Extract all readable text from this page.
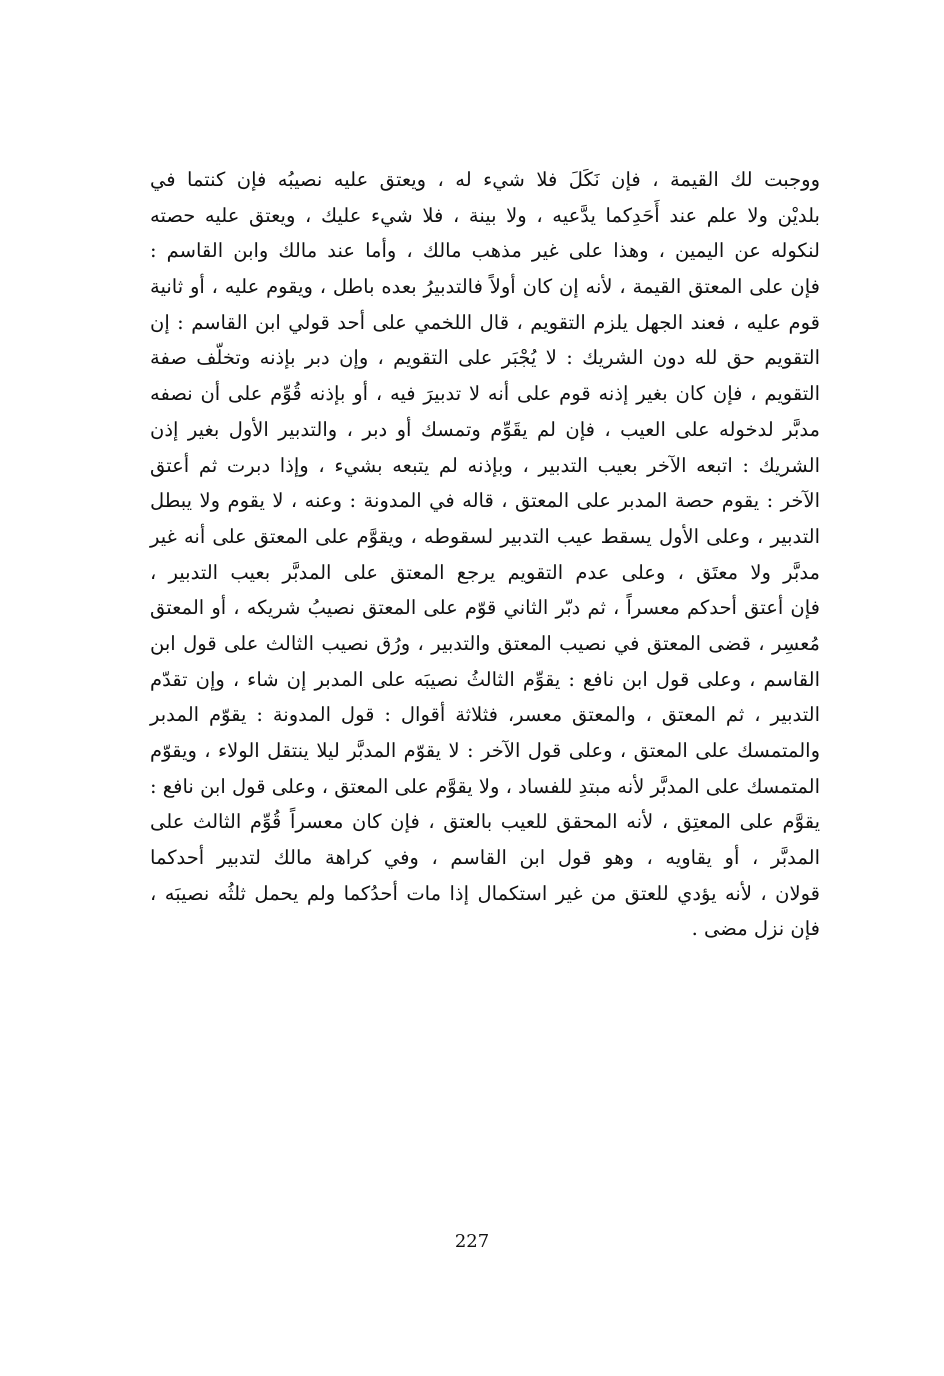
ووجبت لك القيمة ، فإن نَكَلَ فلا شيء له ، ويعتق عليه نصيبُه فإن كنتما في
بلديْن ولا علم عند أَحَدِكما يدَّعيه ، ولا بينة ، فلا شيء عليك ، ويعتق عليه حصته
لنكوله عن اليمين ، وهذا على غير مذهب مالك ، وأما عند مالك وابن القاسم :
فإن على المعتق القيمة ، لأنه إن كان أولاً فالتدبيرُ بعده باطل ، ويقوم عليه ، أو ثانية
قوم عليه ، فعند الجهل يلزم التقويم ، قال اللخمي على أحد قولي ابن القاسم : إن
التقويم حق لله دون الشريك : لا يُجْبَر على التقويم ، وإن دبر بإذنه وتخلّف صفة
التقويم ، فإن كان بغير إذنه قوم على أنه لا تدبيرَ فيه ، أو بإذنه قُوِّم على أن نصفه
مدبَّر لدخوله على العيب ، فإن لم يقَوِّم وتمسك أو دبر ، والتدبير الأول بغير إذن
الشريك : اتبعه الآخر بعيب التدبير ، وبإذنه لم يتبعه بشيء ، وإذا دبرت ثم أعتق
الآخر : يقوم حصة المدبر على المعتق ، قاله في المدونة : وعنه ، لا يقوم ولا يبطل
التدبير ، وعلى الأول يسقط عيب التدبير لسقوطه ، ويقوَّم على المعتق على أنه غير
مدبَّر ولا معتَق ، وعلى عدم التقويم يرجع المعتق على المدبَّر بعيب التدبير ،
فإن أعتق أحدكم معسراً ، ثم دبّر الثاني قوّم على المعتق نصيبُ شريكه ، أو المعتق
مُعسِر ، قضى المعتق في نصيب المعتق والتدبير ، ورُق نصيب الثالث على قول ابن
القاسم ، وعلى قول ابن نافع : يقوِّم الثالثُ نصيبَه على المدبر إن شاء ، وإن تقدّم
التدبير ، ثم المعتق ، والمعتق معسر، فثلاثة أقوال : قول المدونة : يقوّم المدبر
والمتمسك على المعتق ، وعلى قول الآخر : لا يقوّم المدبَّر ليلا ينتقل الولاء ، ويقوّم
المتمسك على المدبَّر لأنه مبتدِ للفساد ، ولا يقوَّم على المعتق ، وعلى قول ابن نافع :
يقوَّم على المعتِق ، لأنه المحقق للعيب بالعتق ، فإن كان معسراً قُوِّم الثالث على
المدبَّر ، أو يقاويه ، وهو قول ابن القاسم ، وفي كراهة مالك لتدبير أحدكما
قولان ، لأنه يؤدي للعتق من غير استكمال إذا مات أحدُكما ولم يحمل ثلثُه نصيبَه ،
فإن نزل مضى .
227
